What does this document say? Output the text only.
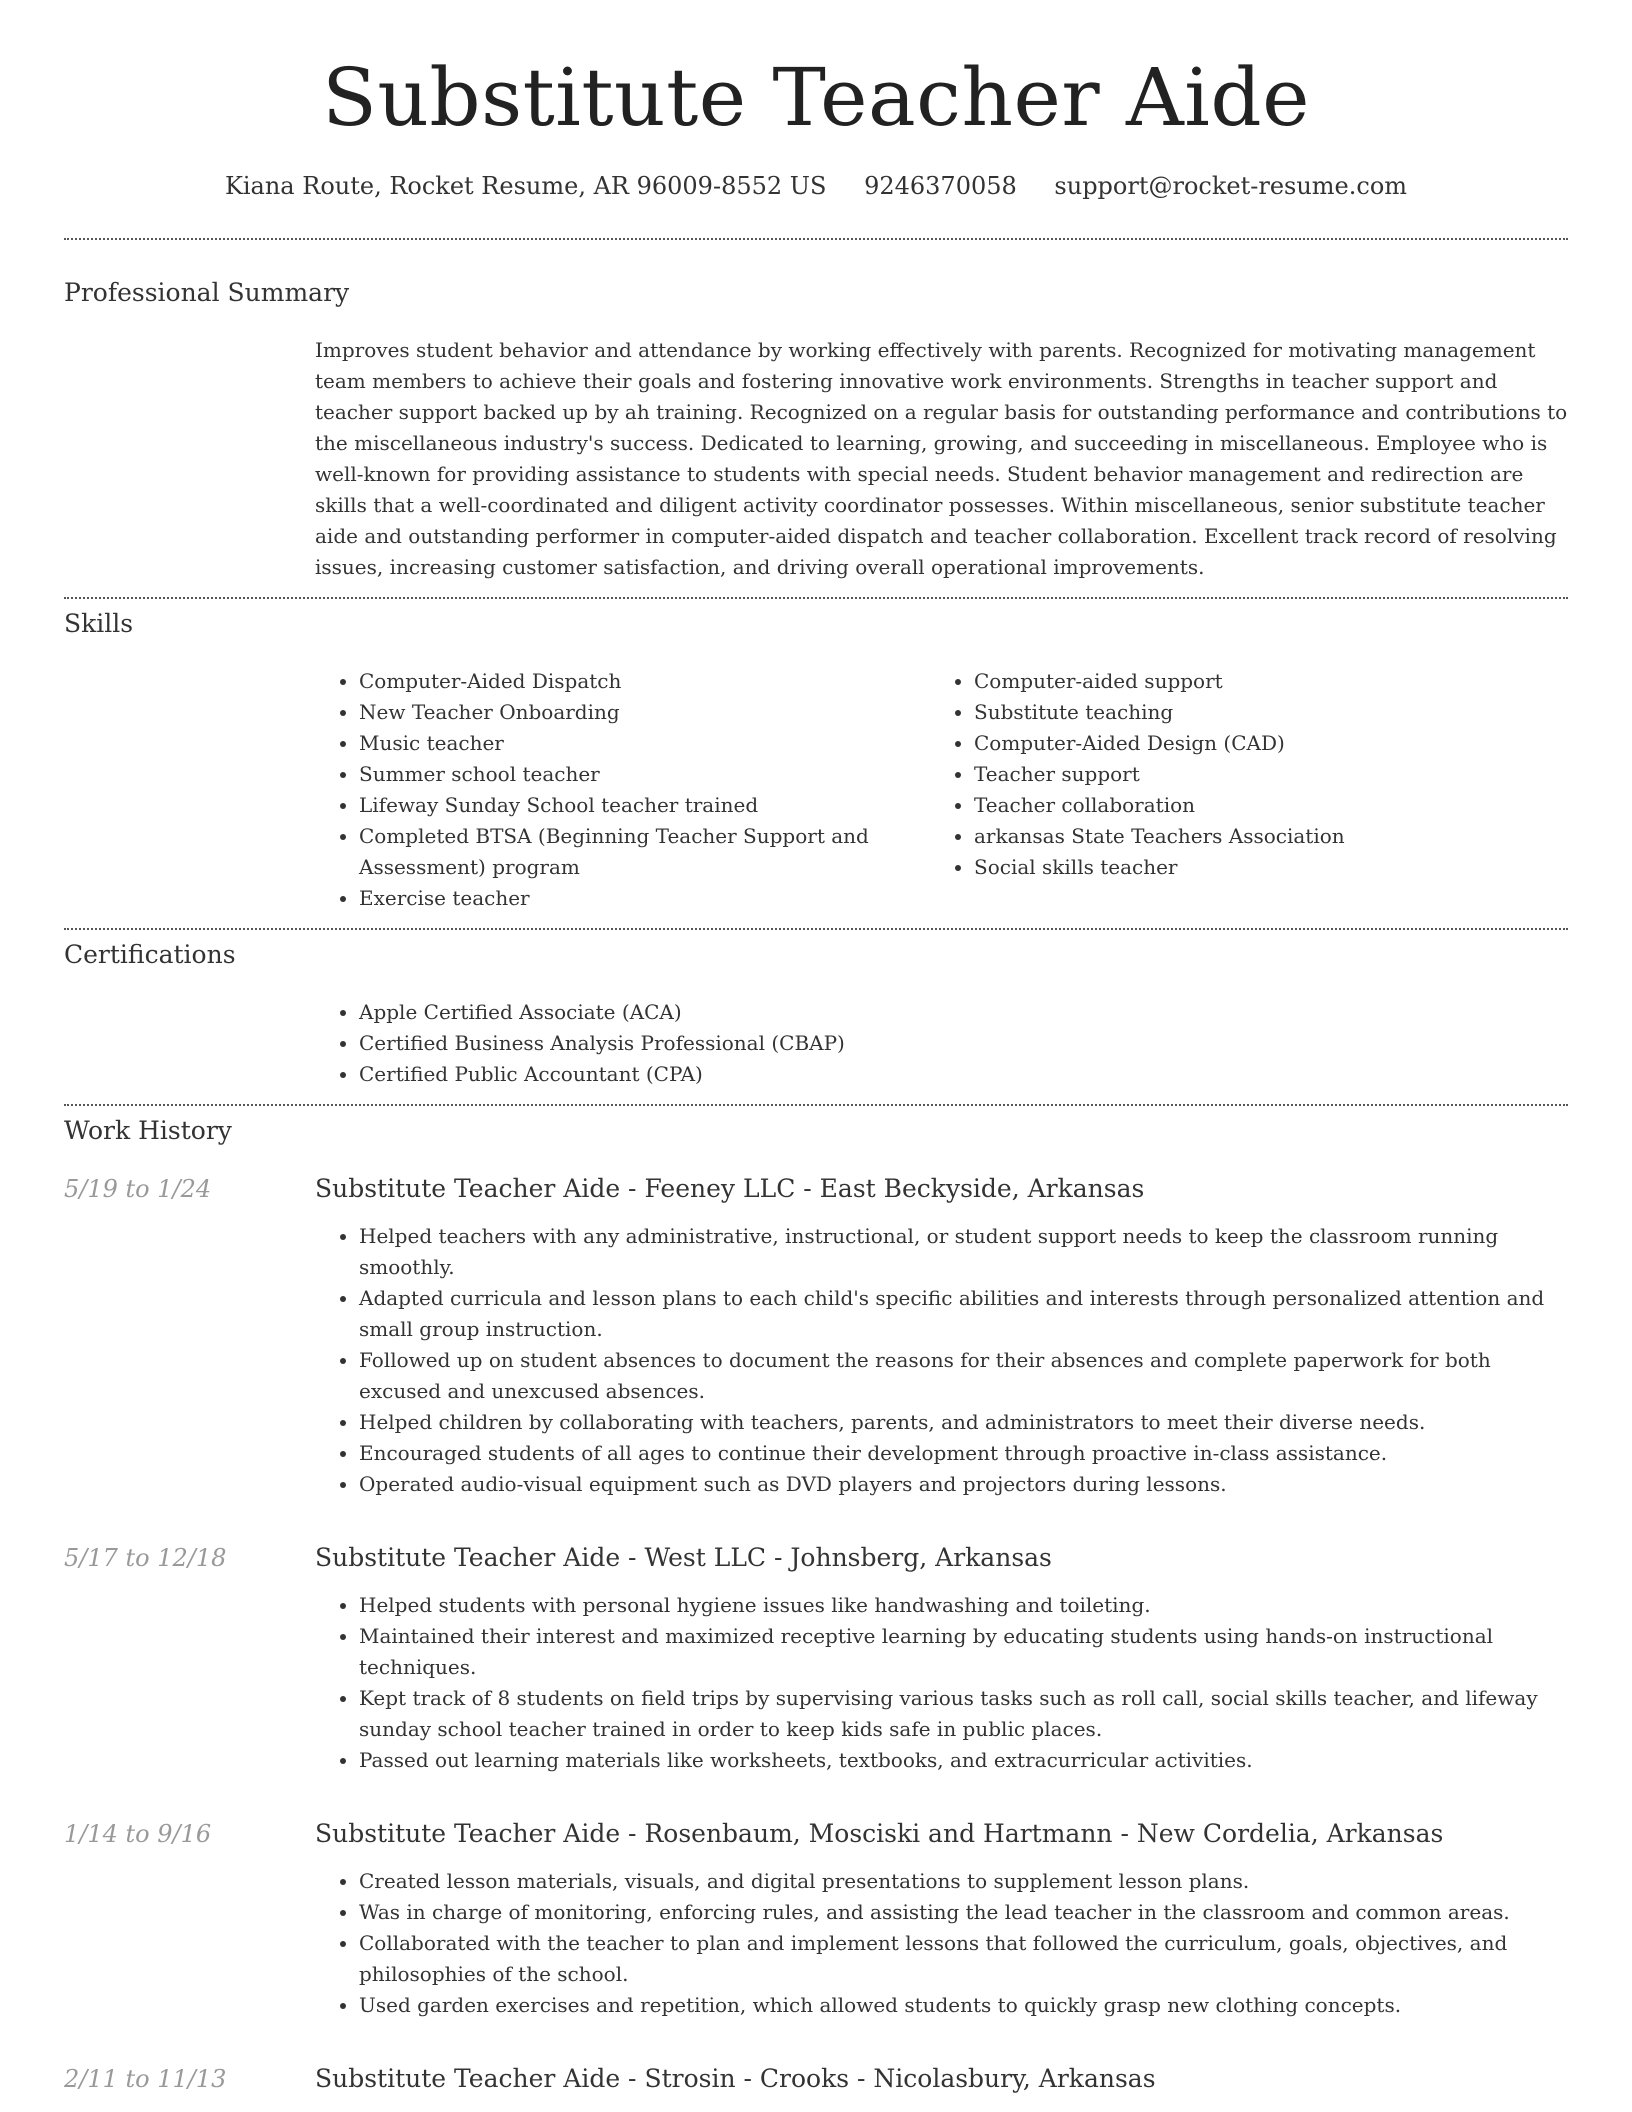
Substitute Teacher Aide
Kiana Route, Rocket Resume, AR 96009-8552 US 9246370058 support@rocket-resume.com
Professional Summary
Improves student behavior and attendance by working effectively with parents. Recognized for motivating management team members to achieve their goals and fostering innovative work environments. Strengths in teacher support and teacher support backed up by ah training. Recognized on a regular basis for outstanding performance and contributions to the miscellaneous industry's success. Dedicated to learning, growing, and succeeding in miscellaneous. Employee who is well-known for providing assistance to students with special needs. Student behavior management and redirection are skills that a well-coordinated and diligent activity coordinator possesses. Within miscellaneous, senior substitute teacher aide and outstanding performer in computer-aided dispatch and teacher collaboration. Excellent track record of resolving issues, increasing customer satisfaction, and driving overall operational improvements.
Skills
• Computer-Aided Dispatch
• New Teacher Onboarding
• Music teacher
• Summer school teacher
• Lifeway Sunday School teacher trained
• Completed BTSA (Beginning Teacher Support and Assessment) program
• Exercise teacher
• Computer-aided support
• Substitute teaching
• Computer-Aided Design (CAD)
• Teacher support
• Teacher collaboration
• arkansas State Teachers Association
• Social skills teacher
Certifications
• Apple Certified Associate (ACA)
• Certified Business Analysis Professional (CBAP)
• Certified Public Accountant (CPA)
Work History
5/19 to 1/24	Substitute Teacher Aide - Feeney LLC - East Beckyside, Arkansas
• Helped teachers with any administrative, instructional, or student support needs to keep the classroom running smoothly.
• Adapted curricula and lesson plans to each child's specific abilities and interests through personalized attention and small group instruction.
• Followed up on student absences to document the reasons for their absences and complete paperwork for both excused and unexcused absences.
• Helped children by collaborating with teachers, parents, and administrators to meet their diverse needs.
• Encouraged students of all ages to continue their development through proactive in-class assistance.
• Operated audio-visual equipment such as DVD players and projectors during lessons.
5/17 to 12/18	Substitute Teacher Aide - West LLC - Johnsberg, Arkansas
• Helped students with personal hygiene issues like handwashing and toileting.
• Maintained their interest and maximized receptive learning by educating students using hands-on instructional techniques.
• Kept track of 8 students on field trips by supervising various tasks such as roll call, social skills teacher, and lifeway sunday school teacher trained in order to keep kids safe in public places.
• Passed out learning materials like worksheets, textbooks, and extracurricular activities.
1/14 to 9/16	Substitute Teacher Aide - Rosenbaum, Mosciski and Hartmann - New Cordelia, Arkansas
• Created lesson materials, visuals, and digital presentations to supplement lesson plans.
• Was in charge of monitoring, enforcing rules, and assisting the lead teacher in the classroom and common areas.
• Collaborated with the teacher to plan and implement lessons that followed the curriculum, goals, objectives, and philosophies of the school.
• Used garden exercises and repetition, which allowed students to quickly grasp new clothing concepts.
2/11 to 11/13	Substitute Teacher Aide - Strosin - Crooks - Nicolasbury, Arkansas
